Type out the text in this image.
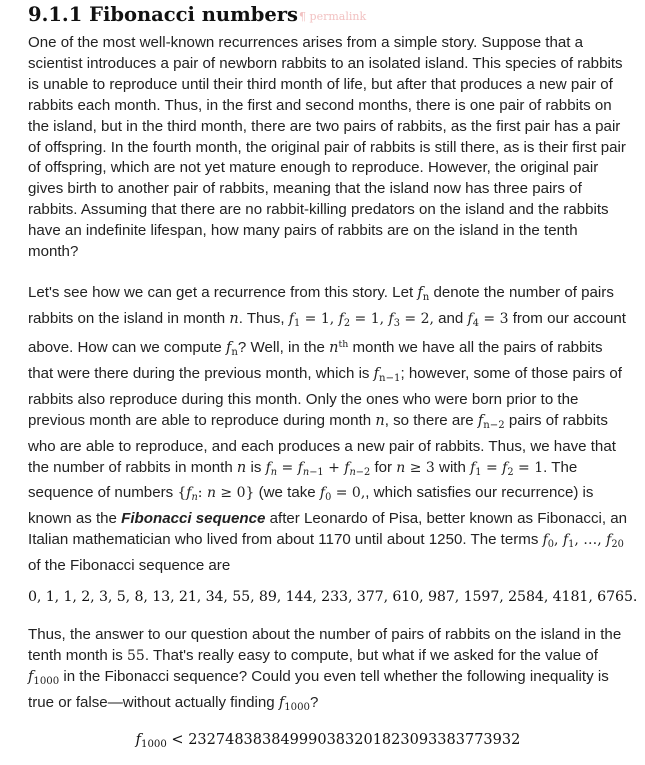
9.1.1 Fibonacci numbers¶ permalink

One of the most well-known recurrences arises from a simple story. Suppose that a scientist introduces a pair of newborn rabbits to an isolated island. This species of rabbits is unable to reproduce until their third month of life, but after that produces a new pair of rabbits each month. Thus, in the first and second months, there is one pair of rabbits on the island, but in the third month, there are two pairs of rabbits, as the first pair has a pair of offspring. In the fourth month, the original pair of rabbits is still there, as is their first pair of offspring, which are not yet mature enough to reproduce. However, the original pair gives birth to another pair of rabbits, meaning that the island now has three pairs of rabbits. Assuming that there are no rabbit-killing predators on the island and the rabbits have an indefinite lifespan, how many pairs of rabbits are on the island in the tenth month?

Let's see how we can get a recurrence from this story. Let $f_n$ denote the number of pairs rabbits on the island in month n. Thus, $f_1 = 1$, $f_2 = 1$, $f_3 = 2$, and $f_4 = 3$ from our account above. How can we compute $f_n$? Well, in the $n^{th}$ month we have all the pairs of rabbits that were there during the previous month, which is $f_{n-1}$; however, some of those pairs of rabbits also reproduce during this month. Only the ones who were born prior to the previous month are able to reproduce during month n, so there are $f_{n-2}$ pairs of rabbits who are able to reproduce, and each produces a new pair of rabbits. Thus, we have that the number of rabbits in month n is $f_n = f_{n-1} + f_{n-2}$ for n ≥ 3 with $f_1 = f_2 = 1$. The sequence of numbers {$f_n$: n ≥ 0} (we take $f_0 = 0$,, which satisfies our recurrence) is known as the Fibonacci sequence after Leonardo of Pisa, better known as Fibonacci, an Italian mathematician who lived from about 1170 until about 1250. The terms $f_0$, $f_1$, …, $f_{20}$ of the Fibonacci sequence are

0, 1, 1, 2, 3, 5, 8, 13, 21, 34, 55, 89, 144, 233, 377, 610, 987, 1597, 2584, 4181, 6765.

Thus, the answer to our question about the number of pairs of rabbits on the island in the tenth month is 55. That's really easy to compute, but what if we asked for the value of $f_{1000}$ in the Fibonacci sequence? Could you even tell whether the following inequality is true or false—without actually finding $f_{1000}$?

$f_{1000} < 232748383849990383201823093383773932$
